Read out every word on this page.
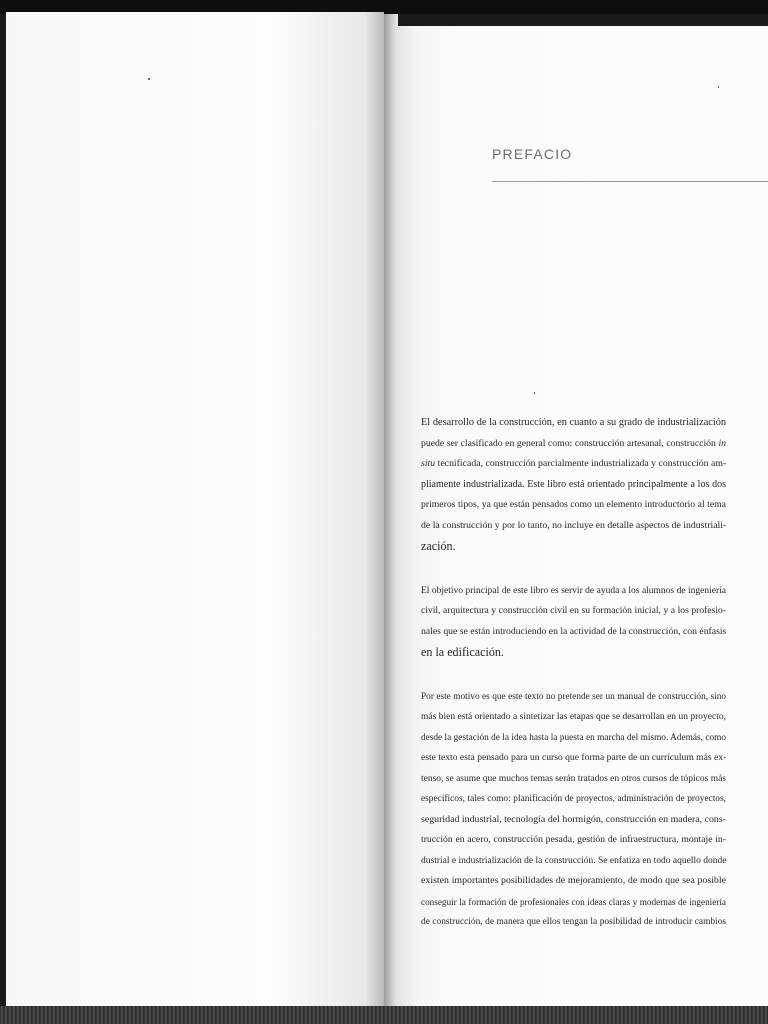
PREFACIO

El desarrollo de la construcción, en cuanto a su grado de industrialización
puede ser clasificado en general como: construcción artesanal, construcción in
situ tecnificada, construcción parcialmente industrializada y construcción am-
pliamente industrializada. Este libro está orientado principalmente a los dos
primeros tipos, ya que están pensados como un elemento introductorio al tema
de la construcción y por lo tanto, no incluye en detalle aspectos de industriali-
zación.

El objetivo principal de este libro es servir de ayuda a los alumnos de ingeniería
civil, arquitectura y construcción civil en su formación inicial, y a los profesio-
nales que se están introduciendo en la actividad de la construcción, con énfasis
en la edificación.

Por este motivo es que este texto no pretende ser un manual de construcción, sino
más bien está orientado a sintetizar las etapas que se desarrollan en un proyecto,
desde la gestación de la idea hasta la puesta en marcha del mismo. Además, como
este texto esta pensado para un curso que forma parte de un currículum más ex-
tenso, se asume que muchos temas serán tratados en otros cursos de tópicos más
específicos, tales como: planificación de proyectos, administración de proyectos,
seguridad industrial, tecnología del hormigón, construcción en madera, cons-
trucción en acero, construcción pesada, gestión de infraestructura, montaje in-
dustrial e industrialización de la construcción. Se enfatiza en todo aquello donde
existen importantes posibilidades de mejoramiento, de modo que sea posible
conseguir la formación de profesionales con ideas claras y modernas de ingeniería
de construcción, de manera que ellos tengan la posibilidad de introducir cambios
